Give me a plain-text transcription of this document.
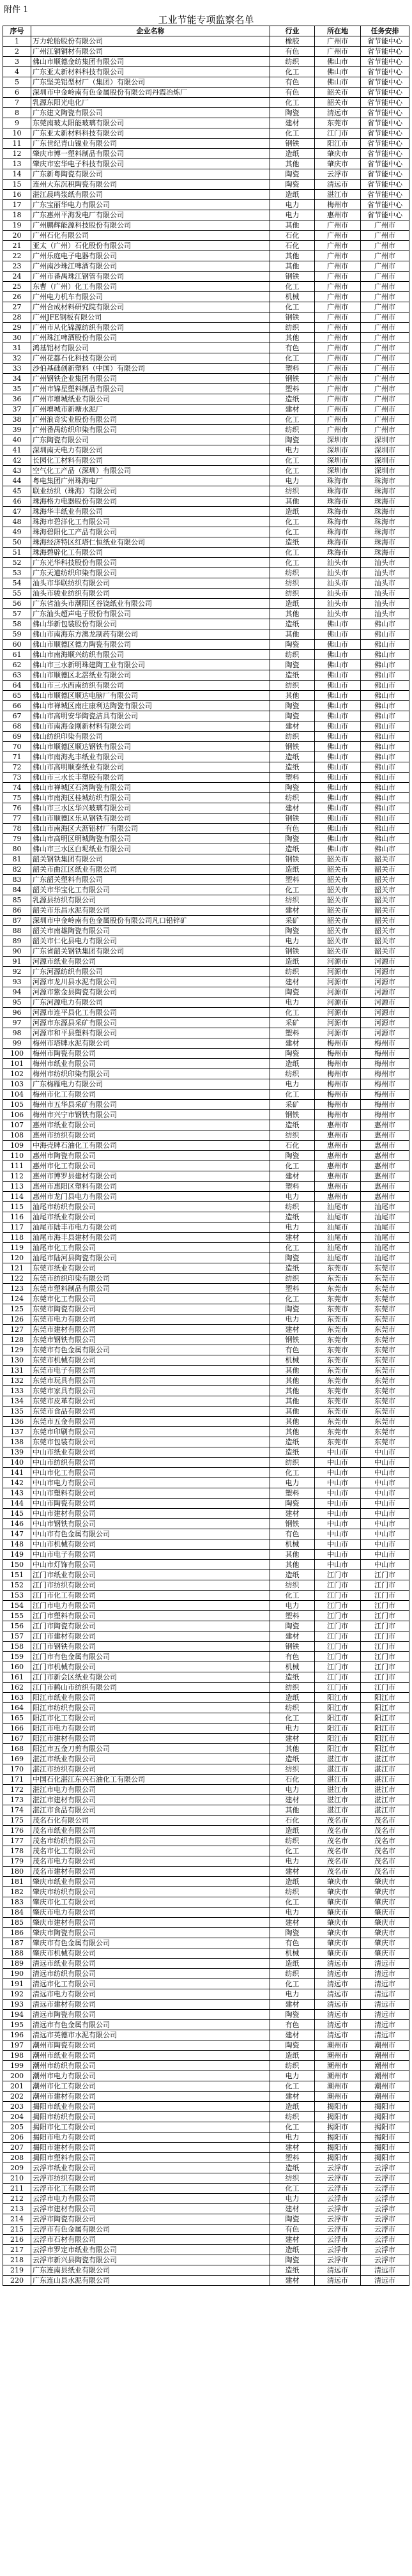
附件 1
工业节能专项监察名单
序号	企业名称	行业	所在地	任务安排
1	万力轮胎股份有限公司	橡胶	广州市	省节能中心
2	广州江铜铜材有限公司	有色	广州市	省节能中心
3	佛山市顺德金纺集团有限公司	纺织	佛山市	省节能中心
4	广东亚太新材料科技有限公司	化工	佛山市	省节能中心
5	广东坚美铝型材厂（集团）有限公司	有色	佛山市	省节能中心
6	深圳市中金岭南有色金属股份有限公司丹霞冶炼厂	有色	韶关市	省节能中心
7	乳源东阳光电化厂	化工	韶关市	省节能中心
8	广东建文陶瓷有限公司	陶瓷	清远市	省节能中心
9	东莞南玻太阳能玻璃有限公司	建材	东莞市	省节能中心
10	广东亚太新材料科技有限公司	化工	江门市	省节能中心
11	广东世纪青山镍业有限公司	钢铁	阳江市	省节能中心
12	肇庆市博一塑料制品有限公司	造纸	肇庆市	省节能中心
13	肇庆市宏华电子科技有限公司	其他	肇庆市	省节能中心
14	广东新粤陶瓷有限公司	陶瓷	云浮市	省节能中心
15	连州大东沉积陶瓷有限公司	陶瓷	清远市	省节能中心
16	湛江晨鸣浆纸有限公司	造纸	湛江市	省节能中心
17	广东宝丽华电力有限公司	电力	梅州市	省节能中心
18	广东惠州平海发电厂有限公司	电力	惠州市	省节能中心
19	广州鹏辉能源科技股份有限公司	其他	广州市	广州市
20	广州石化有限公司	石化	广州市	广州市
21	亚太（广州）石化股份有限公司	石化	广州市	广州市
22	广州乐庭电子电器有限公司	其他	广州市	广州市
23	广州南沙珠江啤酒有限公司	其他	广州市	广州市
24	广州市番禺珠江钢管有限公司	钢铁	广州市	广州市
25	东曹（广州）化工有限公司	化工	广州市	广州市
26	广州电力机车有限公司	机械	广州市	广州市
27	广州合成材料研究院有限公司	化工	广州市	广州市
28	广州JFE钢板有限公司	钢铁	广州市	广州市
29	广州市从化锦源纺织有限公司	纺织	广州市	广州市
30	广州珠江啤酒股份有限公司	其他	广州市	广州市
31	鸿基铝材有限公司	有色	广州市	广州市
32	广州花都石化科技有限公司	化工	广州市	广州市
33	沙伯基础创新塑料（中国）有限公司	塑料	广州市	广州市
34	广州钢铁企业集团有限公司	钢铁	广州市	广州市
35	广州市锦星塑料制品有限公司	塑料	广州市	广州市
36	广州市增城纸业有限公司	造纸	广州市	广州市
37	广州增城市新塘水泥厂	建材	广州市	广州市
38	广州浪奇实业股份有限公司	化工	广州市	广州市
39	广州番禺纺织印染有限公司	纺织	广州市	广州市
40	广东陶瓷有限公司	陶瓷	深圳市	深圳市
41	深圳南天电力有限公司	电力	深圳市	深圳市
42	长园化工材料有限公司	化工	深圳市	深圳市
43	空气化工产品（深圳）有限公司	化工	深圳市	深圳市
44	粤电集团广州珠海电厂	电力	珠海市	珠海市
45	联业纺织（珠海）有限公司	纺织	珠海市	珠海市
46	珠海格力电器股份有限公司	其他	珠海市	珠海市
47	珠海华丰纸业有限公司	造纸	珠海市	珠海市
48	珠海市碧洋化工有限公司	化工	珠海市	珠海市
49	珠海碧阳化工产品有限公司	化工	珠海市	珠海市
50	珠海经济特区红塔仁恒纸业有限公司	造纸	珠海市	珠海市
51	珠海碧辟化工有限公司	化工	珠海市	珠海市
52	广东光华科技股份有限公司	化工	汕头市	汕头市
53	广东天道纺织印染有限公司	纺织	汕头市	汕头市
54	汕头市华联纺织有限公司	纺织	汕头市	汕头市
55	汕头市骏业纺织有限公司	纺织	汕头市	汕头市
56	广东省汕头市潮阳区谷饶纸业有限公司	造纸	汕头市	汕头市
57	广东汕头超声电子股份有限公司	其他	汕头市	汕头市
58	佛山华新包装股份有限公司	造纸	佛山市	佛山市
59	佛山市南海东方澳龙制药有限公司	其他	佛山市	佛山市
60	佛山市顺德区德力陶瓷有限公司	陶瓷	佛山市	佛山市
61	佛山市南海顺兴纺织有限公司	纺织	佛山市	佛山市
62	佛山市三水新明珠建陶工业有限公司	陶瓷	佛山市	佛山市
63	佛山市顺德区北滘纸业有限公司	造纸	佛山市	佛山市
64	佛山市三水西南纺织有限公司	纺织	佛山市	佛山市
65	佛山市顺德区顺达电脑厂有限公司	其他	佛山市	佛山市
66	佛山市禅城区南庄康利达陶瓷有限公司	陶瓷	佛山市	佛山市
67	佛山市高明安华陶瓷洁具有限公司	陶瓷	佛山市	佛山市
68	佛山市南海金刚新材料有限公司	建材	佛山市	佛山市
69	佛山纺织印染有限公司	纺织	佛山市	佛山市
70	佛山市顺德区顺达钢铁有限公司	钢铁	佛山市	佛山市
71	佛山市南海兆丰纸业有限公司	造纸	佛山市	佛山市
72	佛山市高明顺泰纸业有限公司	造纸	佛山市	佛山市
73	佛山市三水长丰塑胶有限公司	塑料	佛山市	佛山市
74	佛山市禅城区石湾陶瓷有限公司	陶瓷	佛山市	佛山市
75	佛山市南海区桂城纺织有限公司	纺织	佛山市	佛山市
76	佛山市三水区华兴玻璃有限公司	建材	佛山市	佛山市
77	佛山市顺德区乐从钢铁有限公司	钢铁	佛山市	佛山市
78	佛山市南海区大沥铝材厂有限公司	有色	佛山市	佛山市
79	佛山市高明区明城陶瓷有限公司	陶瓷	佛山市	佛山市
80	佛山市三水区白坭纸业有限公司	造纸	佛山市	佛山市
81	韶关钢铁集团有限公司	钢铁	韶关市	韶关市
82	韶关市曲江区纸业有限公司	造纸	韶关市	韶关市
83	广东韶关塑料有限公司	塑料	韶关市	韶关市
84	韶关市华宝化工有限公司	化工	韶关市	韶关市
85	乳源县纺织有限公司	纺织	韶关市	韶关市
86	韶关市乐昌水泥有限公司	建材	韶关市	韶关市
87	深圳市中金岭南有色金属股份有限公司凡口铅锌矿	采矿	韶关市	韶关市
88	韶关市南雄陶瓷有限公司	陶瓷	韶关市	韶关市
89	韶关市仁化县电力有限公司	电力	韶关市	韶关市
90	广东省韶关钢铁集团有限公司	钢铁	韶关市	韶关市
91	河源市纸业有限公司	造纸	河源市	河源市
92	广东河源纺织有限公司	纺织	河源市	河源市
93	河源市龙川县水泥有限公司	建材	河源市	河源市
94	河源市紫金县陶瓷有限公司	陶瓷	河源市	河源市
95	广东河源电力有限公司	电力	河源市	河源市
96	河源市连平县化工有限公司	化工	河源市	河源市
97	河源市东源县采矿有限公司	采矿	河源市	河源市
98	河源市和平县塑料有限公司	塑料	河源市	河源市
99	梅州市塔牌水泥有限公司	建材	梅州市	梅州市
100	梅州市陶瓷有限公司	陶瓷	梅州市	梅州市
101	梅州市纸业有限公司	造纸	梅州市	梅州市
102	梅州市纺织印染有限公司	纺织	梅州市	梅州市
103	广东梅雁电力有限公司	电力	梅州市	梅州市
104	梅州市化工有限公司	化工	梅州市	梅州市
105	梅州市五华县采矿有限公司	采矿	梅州市	梅州市
106	梅州市兴宁市钢铁有限公司	钢铁	梅州市	梅州市
107	惠州市纸业有限公司	造纸	惠州市	惠州市
108	惠州市纺织有限公司	纺织	惠州市	惠州市
109	中海壳牌石油化工有限公司	石化	惠州市	惠州市
110	惠州市陶瓷有限公司	陶瓷	惠州市	惠州市
111	惠州市化工有限公司	化工	惠州市	惠州市
112	惠州市博罗县建材有限公司	建材	惠州市	惠州市
113	惠州市惠阳区塑料有限公司	塑料	惠州市	惠州市
114	惠州市龙门县电力有限公司	电力	惠州市	惠州市
115	汕尾市纺织有限公司	纺织	汕尾市	汕尾市
116	汕尾市纸业有限公司	造纸	汕尾市	汕尾市
117	汕尾市陆丰市电力有限公司	电力	汕尾市	汕尾市
118	汕尾市海丰县建材有限公司	建材	汕尾市	汕尾市
119	汕尾市化工有限公司	化工	汕尾市	汕尾市
120	汕尾市陆河县陶瓷有限公司	陶瓷	汕尾市	汕尾市
121	东莞市纸业有限公司	造纸	东莞市	东莞市
122	东莞市纺织印染有限公司	纺织	东莞市	东莞市
123	东莞市塑料制品有限公司	塑料	东莞市	东莞市
124	东莞市化工有限公司	化工	东莞市	东莞市
125	东莞市陶瓷有限公司	陶瓷	东莞市	东莞市
126	东莞市电力有限公司	电力	东莞市	东莞市
127	东莞市建材有限公司	建材	东莞市	东莞市
128	东莞市钢铁有限公司	钢铁	东莞市	东莞市
129	东莞市有色金属有限公司	有色	东莞市	东莞市
130	东莞市机械有限公司	机械	东莞市	东莞市
131	东莞市电子有限公司	其他	东莞市	东莞市
132	东莞市玩具有限公司	其他	东莞市	东莞市
133	东莞市家具有限公司	其他	东莞市	东莞市
134	东莞市皮革有限公司	其他	东莞市	东莞市
135	东莞市食品有限公司	其他	东莞市	东莞市
136	东莞市五金有限公司	其他	东莞市	东莞市
137	东莞市印刷有限公司	其他	东莞市	东莞市
138	东莞市包装有限公司	造纸	东莞市	东莞市
139	中山市纸业有限公司	造纸	中山市	中山市
140	中山市纺织有限公司	纺织	中山市	中山市
141	中山市化工有限公司	化工	中山市	中山市
142	中山市电力有限公司	电力	中山市	中山市
143	中山市塑料有限公司	塑料	中山市	中山市
144	中山市陶瓷有限公司	陶瓷	中山市	中山市
145	中山市建材有限公司	建材	中山市	中山市
146	中山市钢铁有限公司	钢铁	中山市	中山市
147	中山市有色金属有限公司	有色	中山市	中山市
148	中山市机械有限公司	机械	中山市	中山市
149	中山市电子有限公司	其他	中山市	中山市
150	中山市灯饰有限公司	其他	中山市	中山市
151	江门市纸业有限公司	造纸	江门市	江门市
152	江门市纺织有限公司	纺织	江门市	江门市
153	江门市化工有限公司	化工	江门市	江门市
154	江门市电力有限公司	电力	江门市	江门市
155	江门市塑料有限公司	塑料	江门市	江门市
156	江门市陶瓷有限公司	陶瓷	江门市	江门市
157	江门市建材有限公司	建材	江门市	江门市
158	江门市钢铁有限公司	钢铁	江门市	江门市
159	江门市有色金属有限公司	有色	江门市	江门市
160	江门市机械有限公司	机械	江门市	江门市
161	江门市新会区纸业有限公司	造纸	江门市	江门市
162	江门市鹤山市纺织有限公司	纺织	江门市	江门市
163	阳江市纸业有限公司	造纸	阳江市	阳江市
164	阳江市纺织有限公司	纺织	阳江市	阳江市
165	阳江市化工有限公司	化工	阳江市	阳江市
166	阳江市电力有限公司	电力	阳江市	阳江市
167	阳江市建材有限公司	建材	阳江市	阳江市
168	阳江市五金刀剪有限公司	其他	阳江市	阳江市
169	湛江市纸业有限公司	造纸	湛江市	湛江市
170	湛江市纺织有限公司	纺织	湛江市	湛江市
171	中国石化湛江东兴石油化工有限公司	石化	湛江市	湛江市
172	湛江市电力有限公司	电力	湛江市	湛江市
173	湛江市建材有限公司	建材	湛江市	湛江市
174	湛江市食品有限公司	其他	湛江市	湛江市
175	茂名石化有限公司	石化	茂名市	茂名市
176	茂名市纸业有限公司	造纸	茂名市	茂名市
177	茂名市纺织有限公司	纺织	茂名市	茂名市
178	茂名市化工有限公司	化工	茂名市	茂名市
179	茂名市电力有限公司	电力	茂名市	茂名市
180	茂名市建材有限公司	建材	茂名市	茂名市
181	肇庆市纸业有限公司	造纸	肇庆市	肇庆市
182	肇庆市纺织有限公司	纺织	肇庆市	肇庆市
183	肇庆市化工有限公司	化工	肇庆市	肇庆市
184	肇庆市电力有限公司	电力	肇庆市	肇庆市
185	肇庆市建材有限公司	建材	肇庆市	肇庆市
186	肇庆市陶瓷有限公司	陶瓷	肇庆市	肇庆市
187	肇庆市有色金属有限公司	有色	肇庆市	肇庆市
188	肇庆市机械有限公司	机械	肇庆市	肇庆市
189	清远市纸业有限公司	造纸	清远市	清远市
190	清远市纺织有限公司	纺织	清远市	清远市
191	清远市化工有限公司	化工	清远市	清远市
192	清远市电力有限公司	电力	清远市	清远市
193	清远市建材有限公司	建材	清远市	清远市
194	清远市陶瓷有限公司	陶瓷	清远市	清远市
195	清远市有色金属有限公司	有色	清远市	清远市
196	清远市英德市水泥有限公司	建材	清远市	清远市
197	潮州市陶瓷有限公司	陶瓷	潮州市	潮州市
198	潮州市纸业有限公司	造纸	潮州市	潮州市
199	潮州市纺织有限公司	纺织	潮州市	潮州市
200	潮州市电力有限公司	电力	潮州市	潮州市
201	潮州市化工有限公司	化工	潮州市	潮州市
202	潮州市建材有限公司	建材	潮州市	潮州市
203	揭阳市纸业有限公司	造纸	揭阳市	揭阳市
204	揭阳市纺织有限公司	纺织	揭阳市	揭阳市
205	揭阳市化工有限公司	化工	揭阳市	揭阳市
206	揭阳市电力有限公司	电力	揭阳市	揭阳市
207	揭阳市建材有限公司	建材	揭阳市	揭阳市
208	揭阳市塑料有限公司	塑料	揭阳市	揭阳市
209	云浮市纸业有限公司	造纸	云浮市	云浮市
210	云浮市纺织有限公司	纺织	云浮市	云浮市
211	云浮市化工有限公司	化工	云浮市	云浮市
212	云浮市电力有限公司	电力	云浮市	云浮市
213	云浮市建材有限公司	建材	云浮市	云浮市
214	云浮市陶瓷有限公司	陶瓷	云浮市	云浮市
215	云浮市有色金属有限公司	有色	云浮市	云浮市
216	云浮市石材有限公司	建材	云浮市	云浮市
217	云浮市罗定市纸业有限公司	造纸	云浮市	云浮市
218	云浮市新兴县陶瓷有限公司	陶瓷	云浮市	云浮市
219	广东连南县纸业有限公司	造纸	清远市	清远市
220	广东连山县水泥有限公司	建材	清远市	清远市
